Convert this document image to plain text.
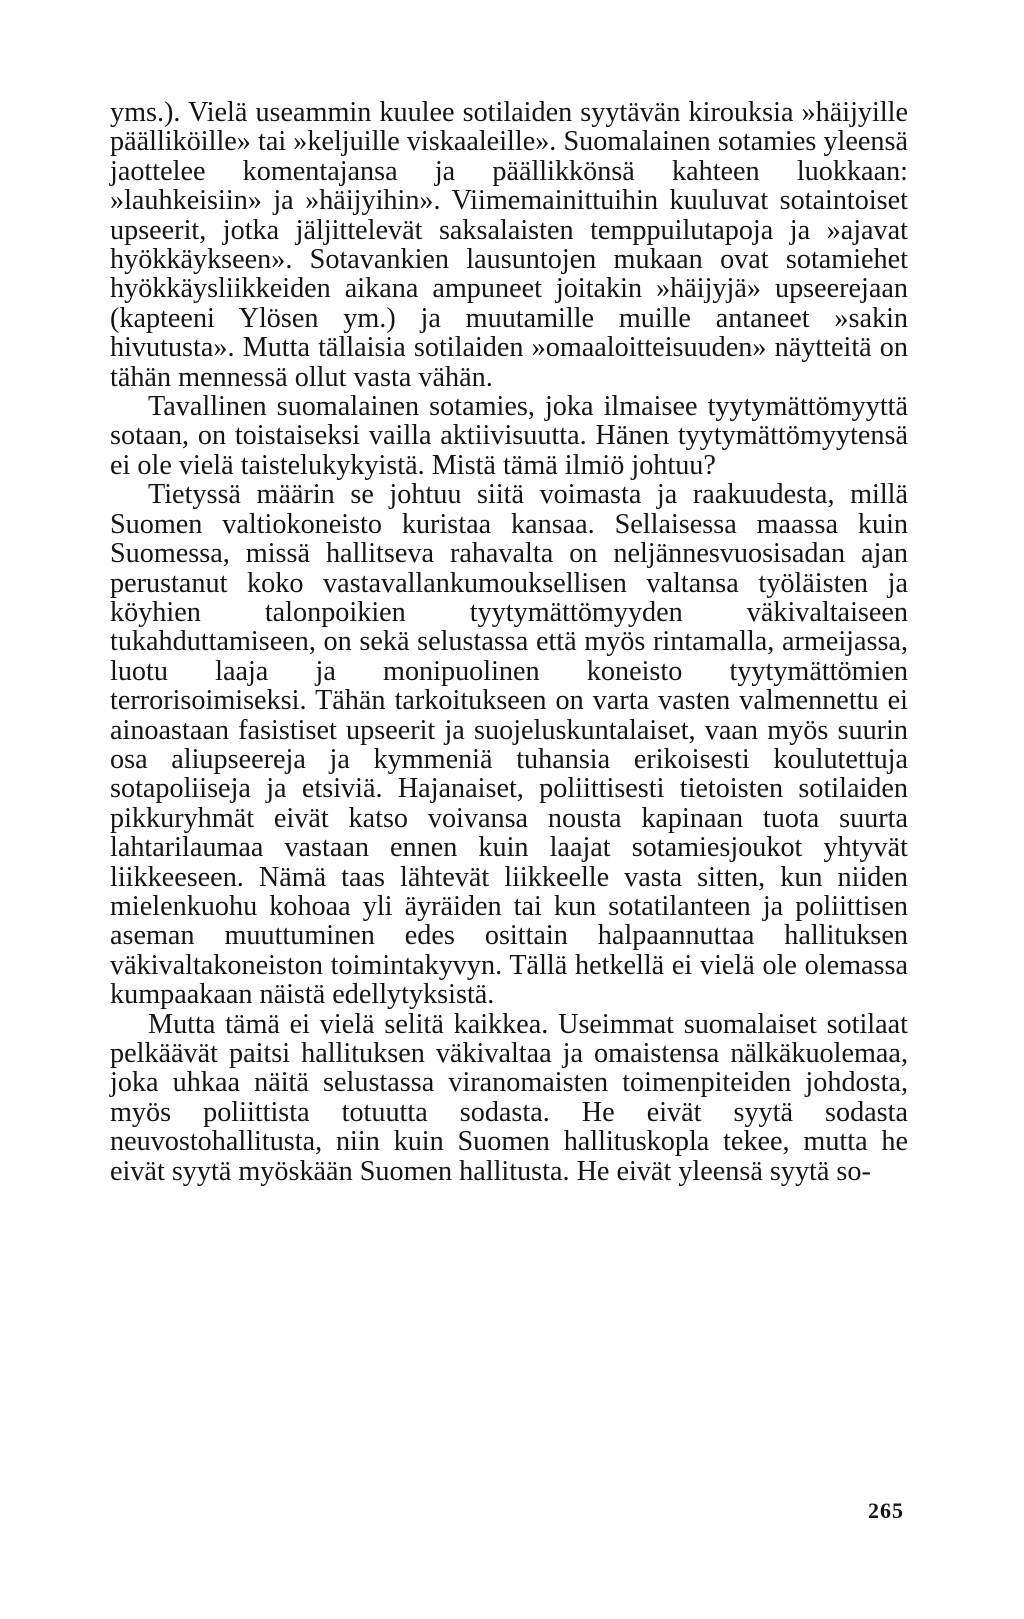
yms.). Vielä useammin kuulee sotilaiden syytävän kirouksia »häijyille päälliköille» tai »keljuille viskaaleille». Suomalainen sotamies yleensä jaottelee komentajansa ja päällikkönsä kahteen luokkaan: »lauhkeisiin» ja »häijyihin». Viimemainittuihin kuuluvat sotaintoiset upseerit, jotka jäljittelevät saksalaisten temppuilutapoja ja »ajavat hyökkäykseen». Sotavankien lausuntojen mukaan ovat sotamiehet hyökkäysliikkeiden aikana ampuneet joitakin »häijyjä» upseerejaan (kapteeni Ylösen ym.) ja muutamille muille antaneet »sakin hivutusta». Mutta tällaisia sotilaiden »omaaloitteisuuden» näytteitä on tähän mennessä ollut vasta vähän.

Tavallinen suomalainen sotamies, joka ilmaisee tyytymättömyyttä sotaan, on toistaiseksi vailla aktiivisuutta. Hänen tyytymättömyytensä ei ole vielä taistelukykyistä. Mistä tämä ilmiö johtuu?

Tietyssä määrin se johtuu siitä voimasta ja raakuudesta, millä Suomen valtiokoneisto kuristaa kansaa. Sellaisessa maassa kuin Suomessa, missä hallitseva rahavalta on neljännesvuosisadan ajan perustanut koko vastavallankumouksellisen valtansa työläisten ja köyhien talonpoikien tyytymättömyyden väkivaltaiseen tukahduttamiseen, on sekä selustassa että myös rintamalla, armeijassa, luotu laaja ja monipuolinen koneisto tyytymättömien terrorisoimiseksi. Tähän tarkoitukseen on varta vasten valmennettu ei ainoastaan fasistiset upseerit ja suojeluskuntalaiset, vaan myös suurin osa aliupseereja ja kymmeniä tuhansia erikoisesti koulutettuja sotapoliiseja ja etsiviä. Hajanaiset, poliittisesti tietoisten sotilaiden pikkuryhmät eivät katso voivansa nousta kapinaan tuota suurta lahtarilaumaa vastaan ennen kuin laajat sotamiesjoukot yhtyvät liikkeeseen. Nämä taas lähtevät liikkeelle vasta sitten, kun niiden mielenkuohu kohoaa yli äyräiden tai kun sotatilanteen ja poliittisen aseman muuttuminen edes osittain halpaannuttaa hallituksen väkivaltakoneiston toimintakyvyn. Tällä hetkellä ei vielä ole olemassa kumpaakaan näistä edellytyksistä.

Mutta tämä ei vielä selitä kaikkea. Useimmat suomalaiset sotilaat pelkäävät paitsi hallituksen väkivaltaa ja omaistensa nälkäkuolemaa, joka uhkaa näitä selustassa viranomaisten toimenpiteiden johdosta, myös poliittista totuutta sodasta. He eivät syytä sodasta neuvostohallitusta, niin kuin Suomen hallituskopla tekee, mutta he eivät syytä myöskään Suomen hallitusta. He eivät yleensä syytä so-

265
